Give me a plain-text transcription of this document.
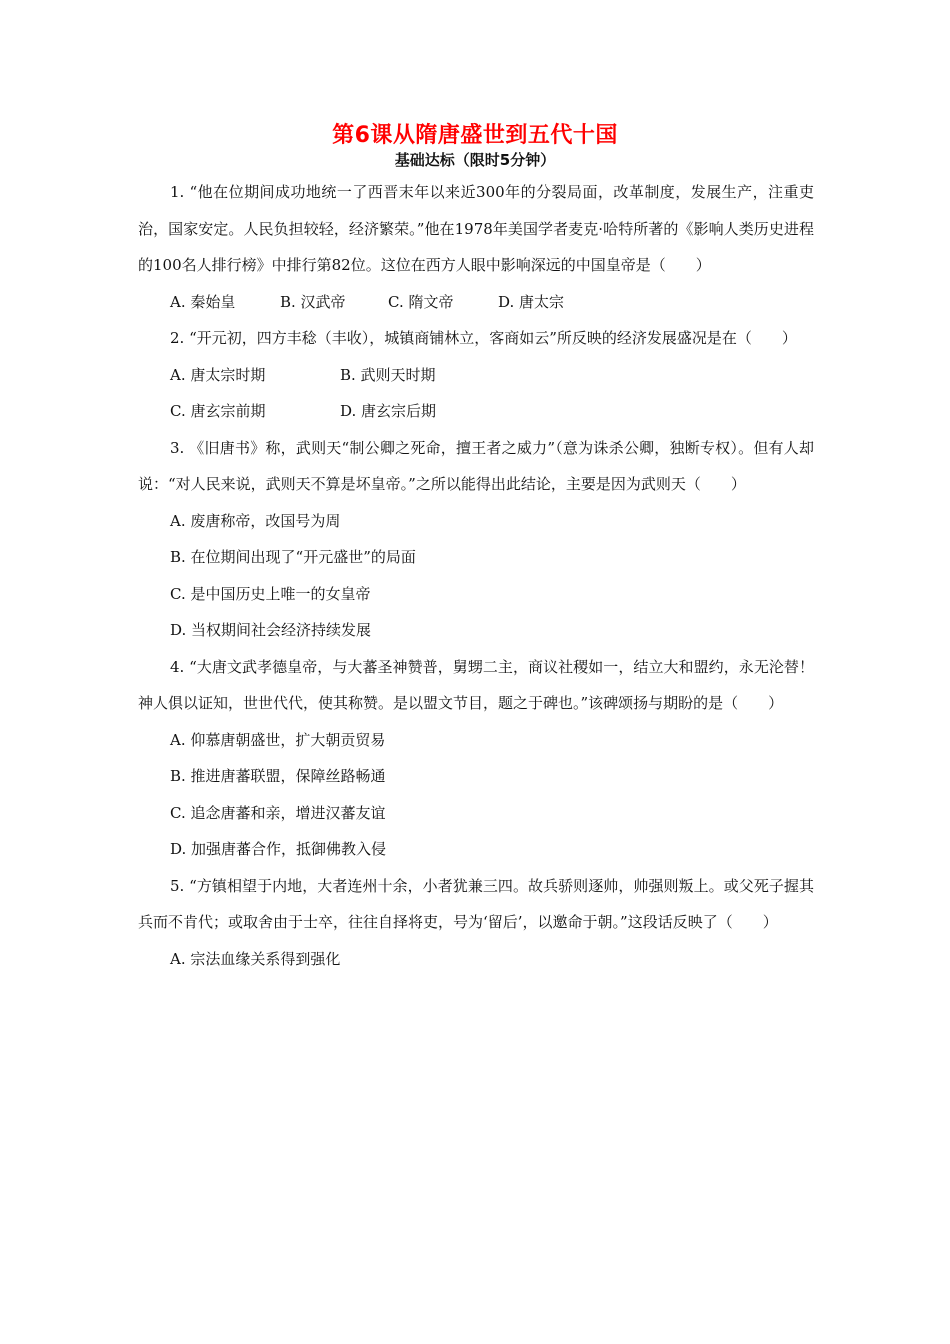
第6课从隋唐盛世到五代十国
基础达标（限时5分钟）

1. “他在位期间成功地统一了西晋末年以来近300年的分裂局面，改革制度，发展生产，注重吏治，国家安定。人民负担较轻，经济繁荣。”他在1978年美国学者麦克·哈特所著的《影响人类历史进程的100名人排行榜》中排行第82位。这位在西方人眼中影响深远的中国皇帝是（　　）

A. 秦始皇	B. 汉武帝	C. 隋文帝	D. 唐太宗

2. “开元初，四方丰稔（丰收），城镇商铺林立，客商如云”所反映的经济发展盛况是在（　　）

A. 唐太宗时期	B. 武则天时期
C. 唐玄宗前期	D. 唐玄宗后期

3. 《旧唐书》称，武则天“制公卿之死命，擅王者之威力”（意为诛杀公卿，独断专权）。但有人却说：“对人民来说，武则天不算是坏皇帝。”之所以能得出此结论，主要是因为武则天（　　）

A. 废唐称帝，改国号为周

B. 在位期间出现了“开元盛世”的局面

C. 是中国历史上唯一的女皇帝

D. 当权期间社会经济持续发展

4. “大唐文武孝德皇帝，与大蕃圣神赞普，舅甥二主，商议社稷如一，结立大和盟约，永无沦替！神人俱以证知，世世代代，使其称赞。是以盟文节目，题之于碑也。”该碑颂扬与期盼的是（　　）

A. 仰慕唐朝盛世，扩大朝贡贸易

B. 推进唐蕃联盟，保障丝路畅通

C. 追念唐蕃和亲，增进汉蕃友谊

D. 加强唐蕃合作，抵御佛教入侵

5. “方镇相望于内地，大者连州十余，小者犹兼三四。故兵骄则逐帅，帅强则叛上。或父死子握其兵而不肯代；或取舍由于士卒，往往自择将吏，号为‘留后’，以邀命于朝。”这段话反映了（　　）

A. 宗法血缘关系得到强化
